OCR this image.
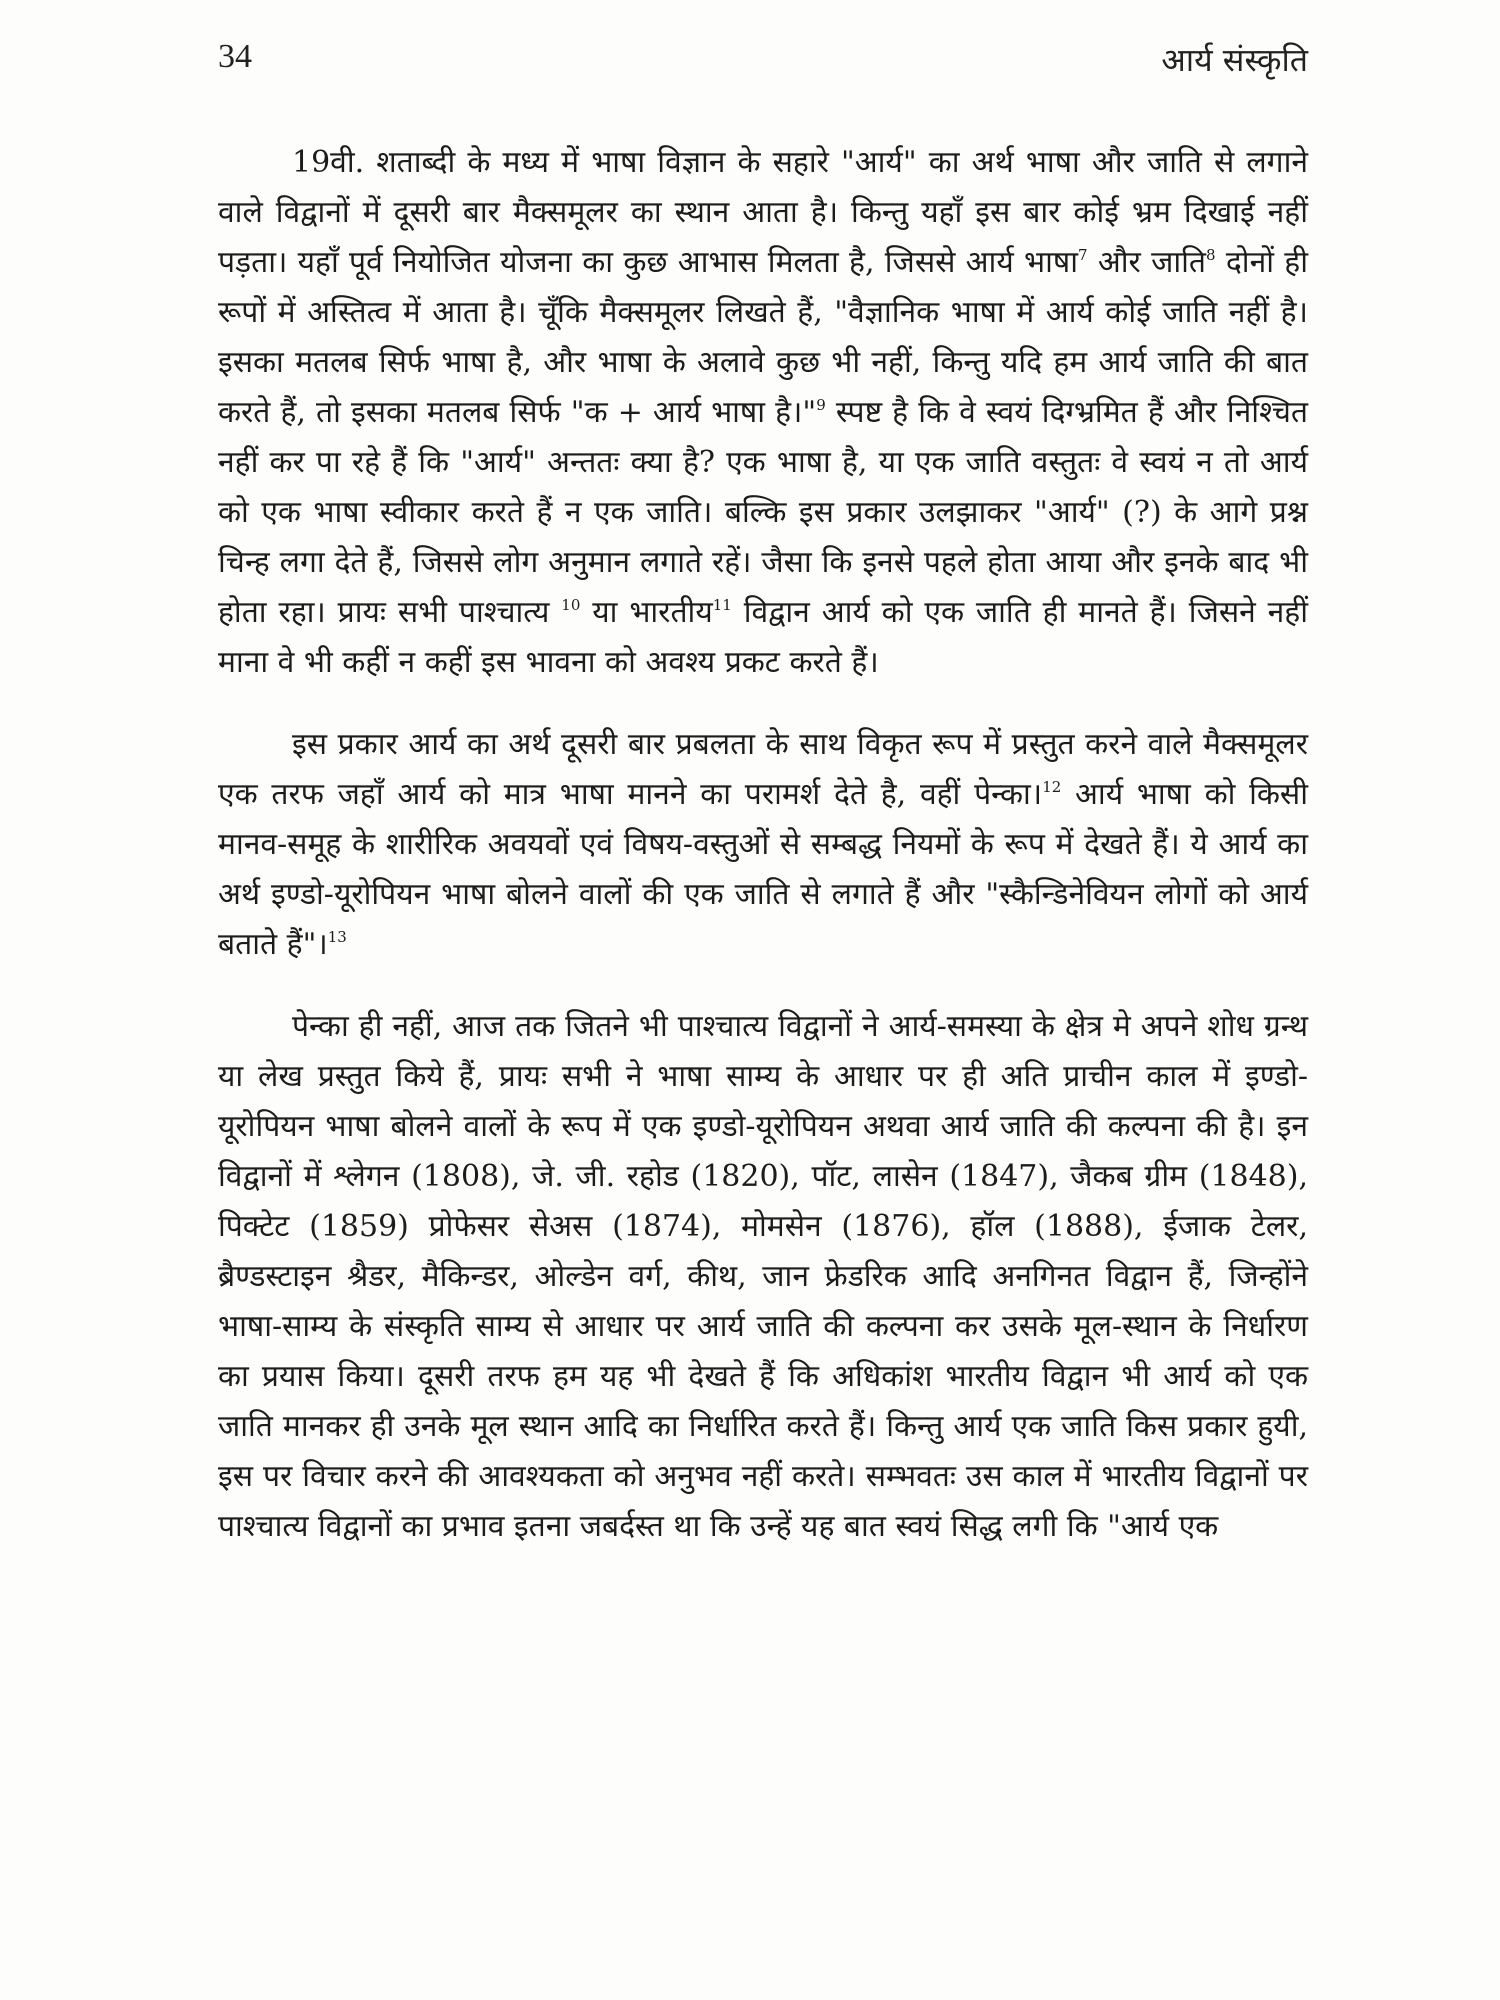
34	आर्य संस्कृति

19वी. शताब्दी के मध्य में भाषा विज्ञान के सहारे "आर्य" का अर्थ भाषा और जाति से लगाने वाले विद्वानों में दूसरी बार मैक्समूलर का स्थान आता है। किन्तु यहाँ इस बार कोई भ्रम दिखाई नहीं पड़ता। यहाँ पूर्व नियोजित योजना का कुछ आभास मिलता है, जिससे आर्य भाषा$^7$ और जाति$^8$ दोनों ही रूपों में अस्तित्व में आता है। चूँकि मैक्समूलर लिखते हैं, "वैज्ञानिक भाषा में आर्य कोई जाति नहीं है। इसका मतलब सिर्फ भाषा है, और भाषा के अलावे कुछ भी नहीं, किन्तु यदि हम आर्य जाति की बात करते हैं, तो इसका मतलब सिर्फ "क + आर्य भाषा है।"$^9$ स्पष्ट है कि वे स्वयं दिग्भ्रमित हैं और निश्चित नहीं कर पा रहे हैं कि "आर्य" अन्ततः क्या है? एक भाषा है, या एक जाति वस्तुतः वे स्वयं न तो आर्य को एक भाषा स्वीकार करते हैं न एक जाति। बल्कि इस प्रकार उलझाकर "आर्य" (?) के आगे प्रश्न चिन्ह लगा देते हैं, जिससे लोग अनुमान लगाते रहें। जैसा कि इनसे पहले होता आया और इनके बाद भी होता रहा। प्रायः सभी पाश्चात्य $^{10}$ या भारतीय$^{11}$ विद्वान आर्य को एक जाति ही मानते हैं। जिसने नहीं माना वे भी कहीं न कहीं इस भावना को अवश्य प्रकट करते हैं।

इस प्रकार आर्य का अर्थ दूसरी बार प्रबलता के साथ विकृत रूप में प्रस्तुत करने वाले मैक्समूलर एक तरफ जहाँ आर्य को मात्र भाषा मानने का परामर्श देते है, वहीं पेन्का।$^{12}$ आर्य भाषा को किसी मानव-समूह के शारीरिक अवयवों एवं विषय-वस्तुओं से सम्बद्ध नियमों के रूप में देखते हैं। ये आर्य का अर्थ इण्डो-यूरोपियन भाषा बोलने वालों की एक जाति से लगाते हैं और "स्कैन्डिनेवियन लोगों को आर्य बताते हैं"।$^{13}$

पेन्का ही नहीं, आज तक जितने भी पाश्चात्य विद्वानों ने आर्य-समस्या के क्षेत्र मे अपने शोध ग्रन्थ या लेख प्रस्तुत किये हैं, प्रायः सभी ने भाषा साम्य के आधार पर ही अति प्राचीन काल में इण्डो-यूरोपियन भाषा बोलने वालों के रूप में एक इण्डो-यूरोपियन अथवा आर्य जाति की कल्पना की है। इन विद्वानों में श्लेगन (1808), जे. जी. रहोड (1820), पॉट, लासेन (1847), जैकब ग्रीम (1848), पिक्टेट (1859) प्रोफेसर सेअस (1874), मोमसेन (1876), हॉल (1888), ईजाक टेलर, ब्रैण्डस्टाइन श्रैडर, मैकिन्डर, ओल्डेन वर्ग, कीथ, जान फ्रेडरिक आदि अनगिनत विद्वान हैं, जिन्होंने भाषा-साम्य के संस्कृति साम्य से आधार पर आर्य जाति की कल्पना कर उसके मूल-स्थान के निर्धारण का प्रयास किया। दूसरी तरफ हम यह भी देखते हैं कि अधिकांश भारतीय विद्वान भी आर्य को एक जाति मानकर ही उनके मूल स्थान आदि का निर्धारित करते हैं। किन्तु आर्य एक जाति किस प्रकार हुयी, इस पर विचार करने की आवश्यकता को अनुभव नहीं करते। सम्भवतः उस काल में भारतीय विद्वानों पर पाश्चात्य विद्वानों का प्रभाव इतना जबर्दस्त था कि उन्हें यह बात स्वयं सिद्ध लगी कि "आर्य एक
